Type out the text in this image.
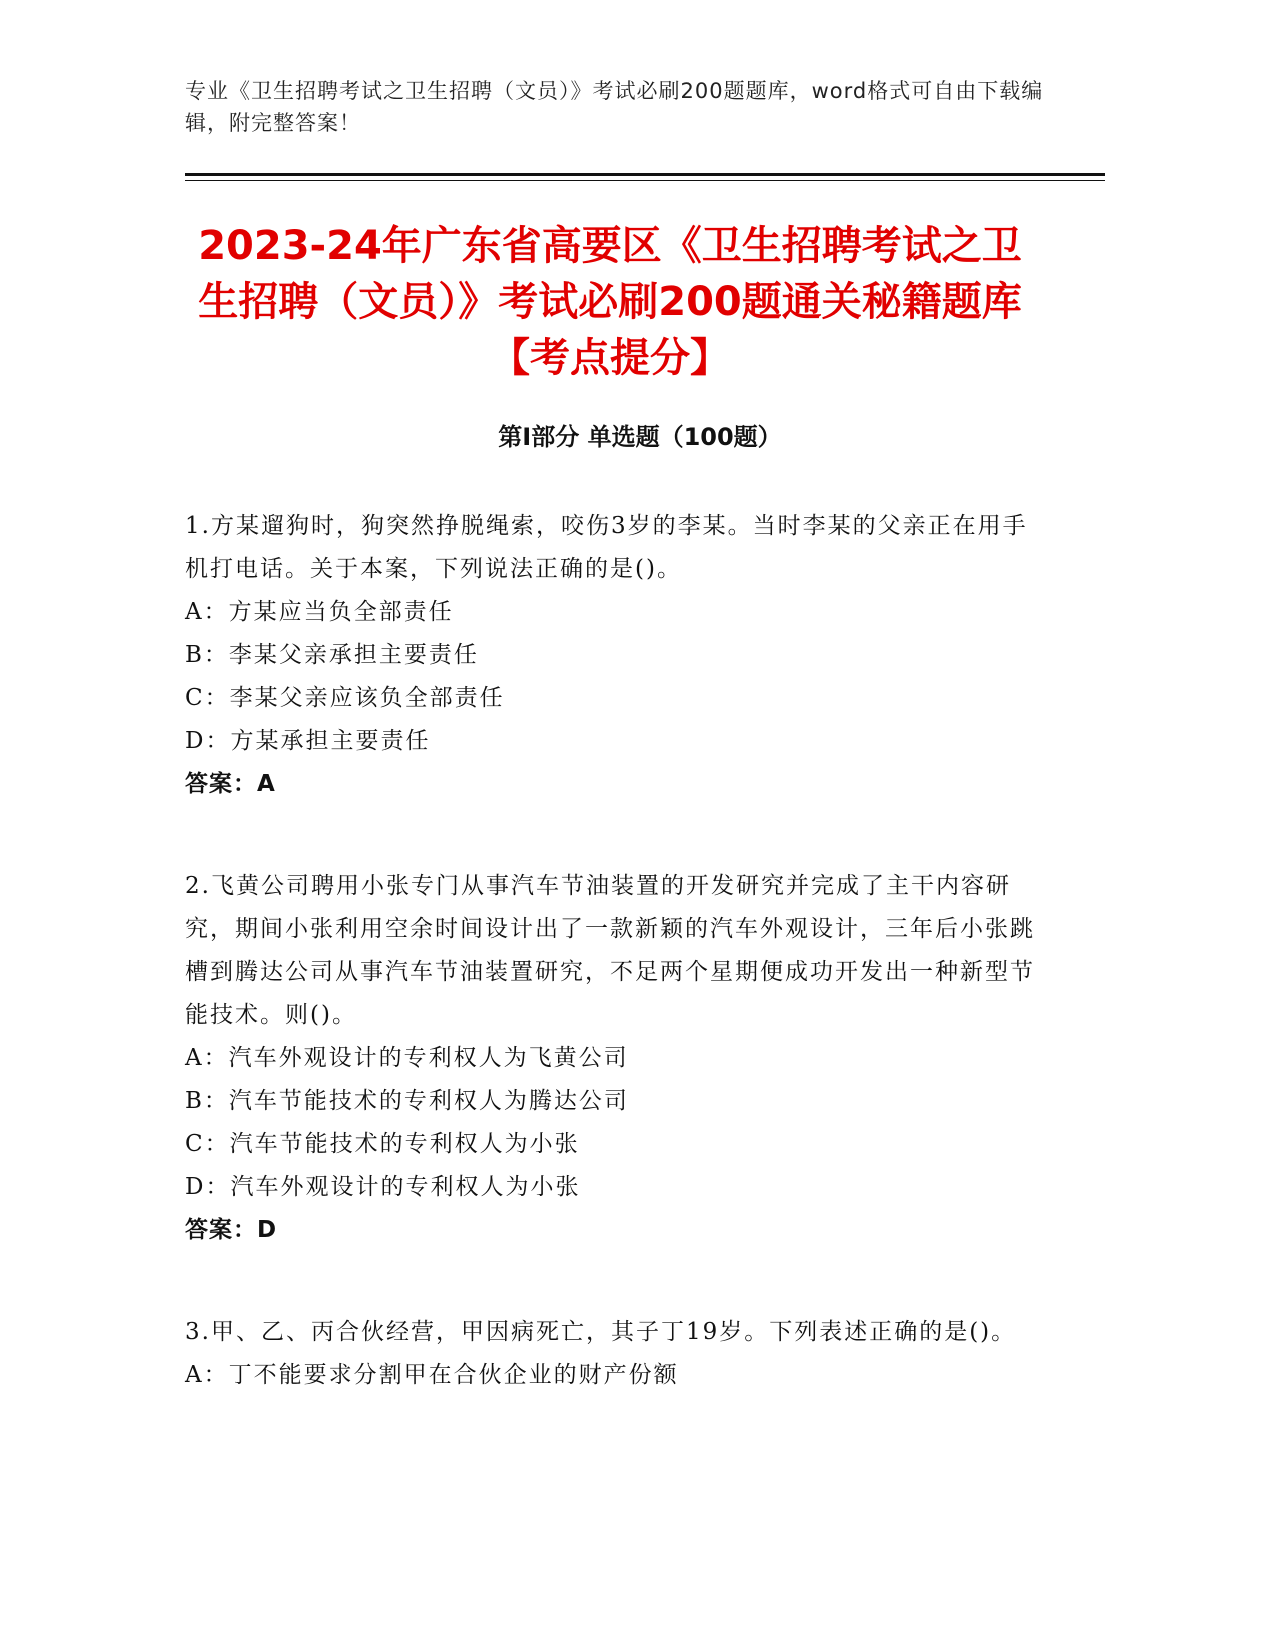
专业《卫生招聘考试之卫生招聘（文员）》考试必刷200题题库，word格式可自由下载编辑，附完整答案！
2023-24年广东省高要区《卫生招聘考试之卫生招聘（文员）》考试必刷200题通关秘籍题库【考点提分】
第I部分 单选题（100题）
1.方某遛狗时，狗突然挣脱绳索，咬伤3岁的李某。当时李某的父亲正在用手机打电话。关于本案，下列说法正确的是()。
A：方某应当负全部责任
B：李某父亲承担主要责任
C：李某父亲应该负全部责任
D：方某承担主要责任
答案：A
2.飞黄公司聘用小张专门从事汽车节油装置的开发研究并完成了主干内容研究，期间小张利用空余时间设计出了一款新颖的汽车外观设计，三年后小张跳槽到腾达公司从事汽车节油装置研究，不足两个星期便成功开发出一种新型节能技术。则()。
A：汽车外观设计的专利权人为飞黄公司
B：汽车节能技术的专利权人为腾达公司
C：汽车节能技术的专利权人为小张
D：汽车外观设计的专利权人为小张
答案：D
3.甲、乙、丙合伙经营，甲因病死亡，其子丁19岁。下列表述正确的是()。
A：丁不能要求分割甲在合伙企业的财产份额
